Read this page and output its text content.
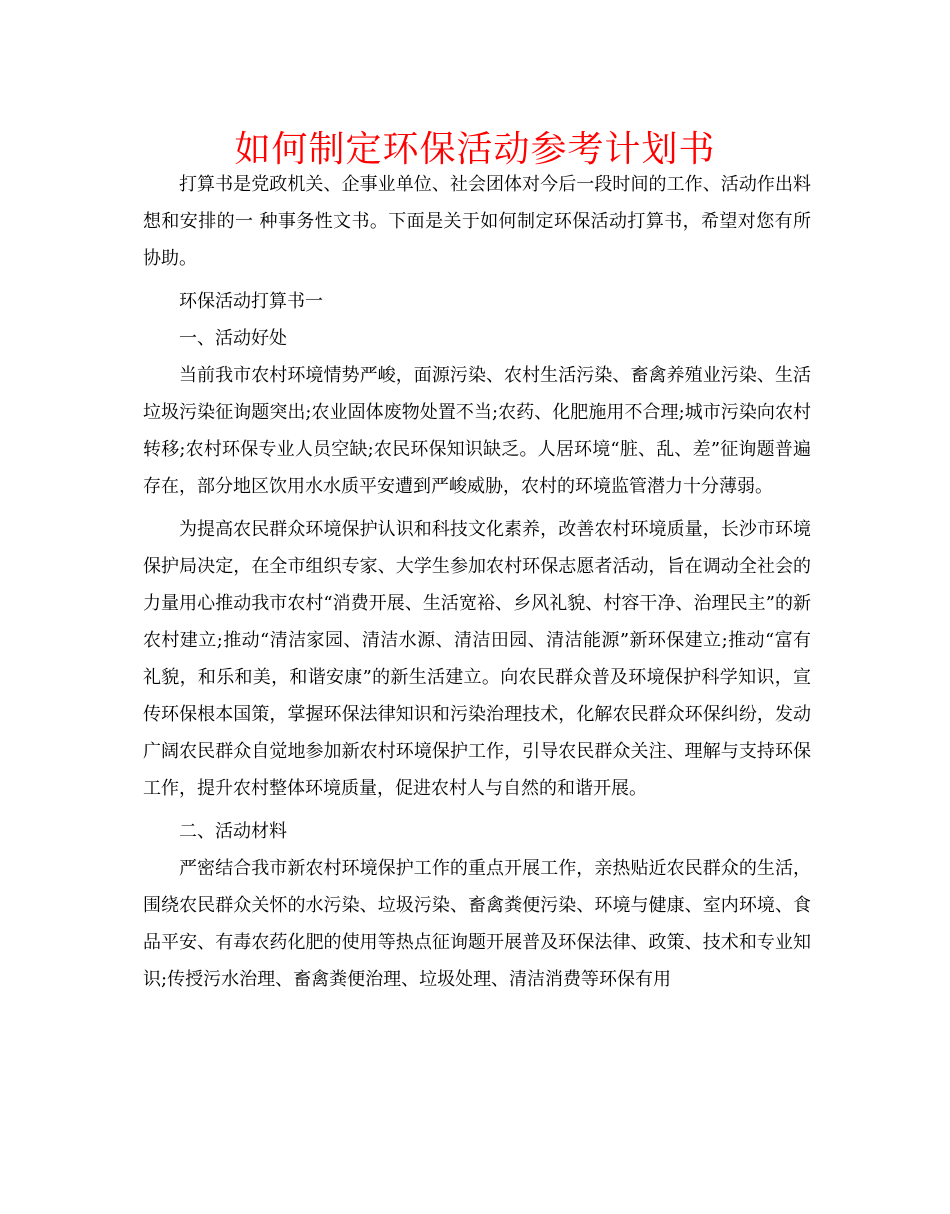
如何制定环保活动参考计划书

打算书是党政机关、企事业单位、社会团体对今后一段时间的工作、活动作出料想和安排的一 种事务性文书。下面是关于如何制定环保活动打算书，希望对您有所协助。

环保活动打算书一

一、活动好处

当前我市农村环境情势严峻，面源污染、农村生活污染、畜禽养殖业污染、生活垃圾污染征询题突出;农业固体废物处置不当;农药、化肥施用不合理;城市污染向农村转移;农村环保专业人员空缺;农民环保知识缺乏。人居环境“脏、乱、差”征询题普遍存在，部分地区饮用水水质平安遭到严峻威胁，农村的环境监管潜力十分薄弱。

为提高农民群众环境保护认识和科技文化素养，改善农村环境质量，长沙市环境保护局决定，在全市组织专家、大学生参加农村环保志愿者活动，旨在调动全社会的力量用心推动我市农村“消费开展、生活宽裕、乡风礼貌、村容干净、治理民主”的新农村建立;推动“清洁家园、清洁水源、清洁田园、清洁能源”新环保建立;推动“富有礼貌，和乐和美，和谐安康”的新生活建立。向农民群众普及环境保护科学知识，宣传环保根本国策，掌握环保法律知识和污染治理技术，化解农民群众环保纠纷，发动广阔农民群众自觉地参加新农村环境保护工作，引导农民群众关注、理解与支持环保工作，提升农村整体环境质量，促进农村人与自然的和谐开展。

二、活动材料

严密结合我市新农村环境保护工作的重点开展工作，亲热贴近农民群众的生活，围绕农民群众关怀的水污染、垃圾污染、畜禽粪便污染、环境与健康、室内环境、食品平安、有毒农药化肥的使用等热点征询题开展普及环保法律、政策、技术和专业知识;传授污水治理、畜禽粪便治理、垃圾处理、清洁消费等环保有用
